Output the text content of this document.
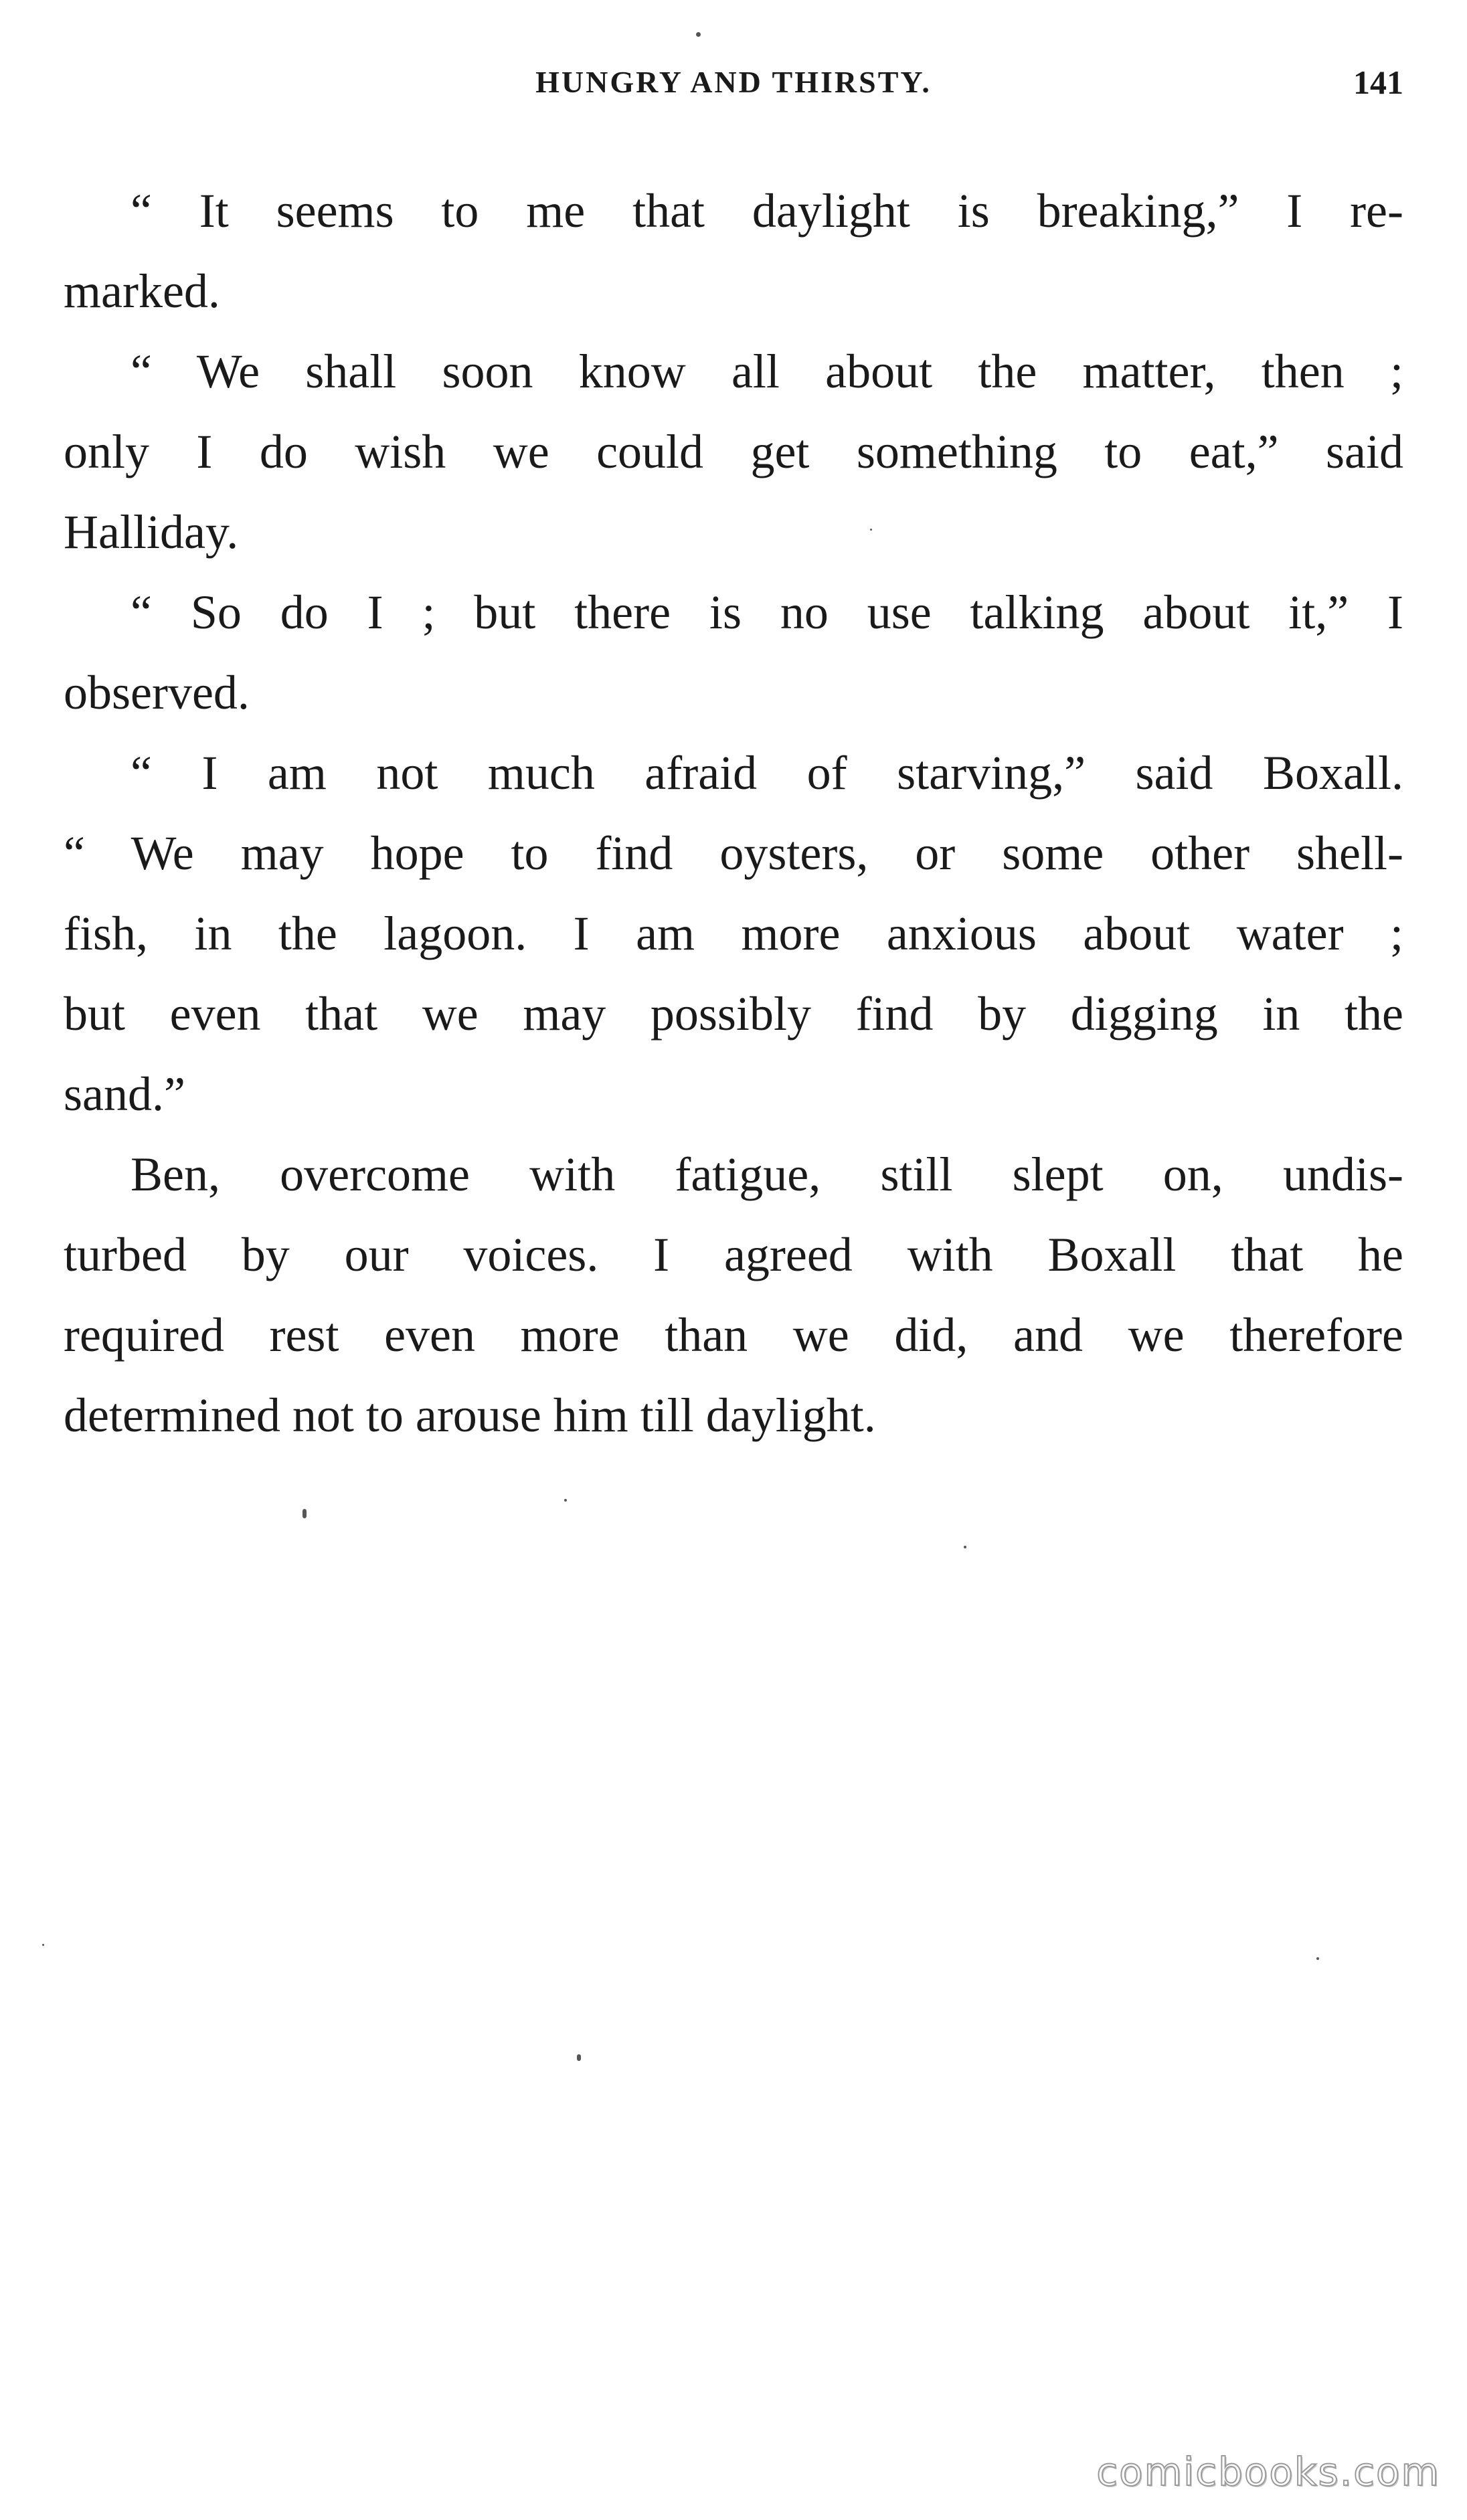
HUNGRY AND THIRSTY.	141

“ It seems to me that daylight is breaking,” I re-
marked.

“ We shall soon know all about the matter, then ;
only I do wish we could get something to eat,” said
Halliday.

“ So do I ; but there is no use talking about it,” I
observed.

“ I am not much afraid of starving,” said Boxall.
“ We may hope to find oysters, or some other shell-
fish, in the lagoon. I am more anxious about water ;
but even that we may possibly find by digging in the
sand.”

Ben, overcome with fatigue, still slept on, undis-
turbed by our voices. I agreed with Boxall that he
required rest even more than we did, and we therefore
determined not to arouse him till daylight.

comicbooks.com
